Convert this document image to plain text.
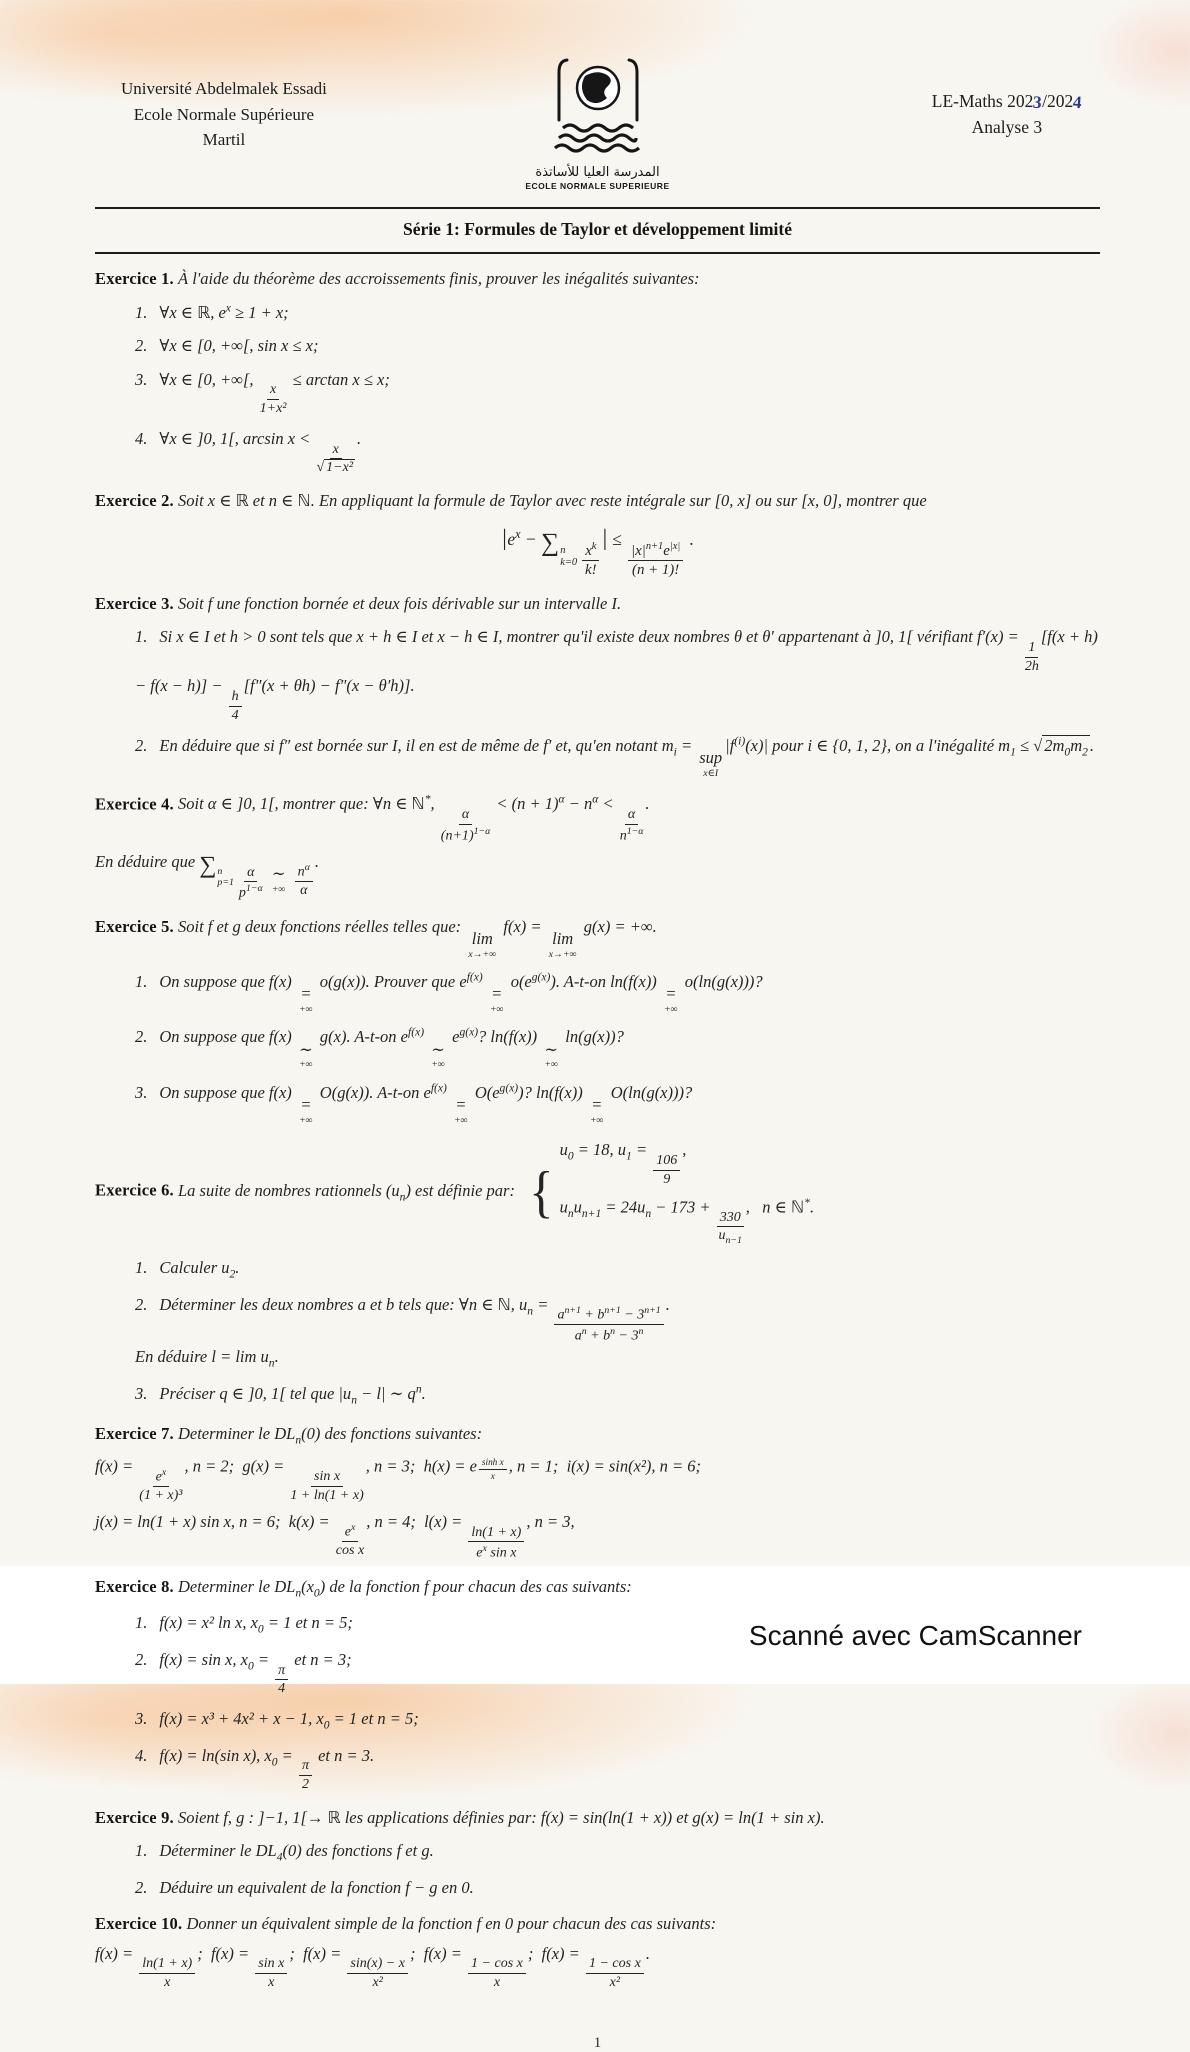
Université Abdelmalek Essadi
Ecole Normale Supérieure
Martil
المدرسة العليا للأساتذة
ECOLE NORMALE SUPERIEURE
LE-Maths 2023/2024
Analyse 3
Série 1: Formules de Taylor et développement limité
Exercice 1. À l'aide du théorème des accroissements finis, prouver les inégalités suivantes:
1. ∀x ∈ ℝ, $e^x \ge 1 + x$;
2. ∀x ∈ [0, +∞[, sin x ≤ x;
3. ∀x ∈ [0, +∞[,
$\frac{x}{\text{1+x²}}$
≤ arctan x ≤ x;
4. ∀x ∈ ]0, 1[, arcsin x <
$\frac{x}{\text{√ 1−x²}}$
.
Exercice 2. Soit x ∈ ℝ et n ∈ ℕ. En appliquant la formule de Taylor avec reste intégrale sur [0, x] ou sur [x, 0], montrer que
$|e^x$ − ∑ n
$k=0 \frac{x^k}{k!}$
| ≤
$\frac{|x|^{n+1}e^{|x|}}{(n + 1)!}$
.
Exercice 3. Soit f une fonction bornée et deux fois dérivable sur un intervalle I.
1. Si x ∈ I et h > 0 sont tels que x + h ∈ I et x − h ∈ I, montrer qu'il existe deux nombres θ et θ′ appartenant à ]0, 1[ vérifiant f′(x) =
$\frac{1}{2h}$
[f(x + h) − f(x − h)] −
$\frac{h}{4}$
[f″(x + θh) − f″(x − θ′h)].
2. En déduire que si f″ est bornée sur I, il en est de même de f′ et, qu'en notant $m_i$ =
sup
x∈I
$|f^{(i)}(x)|$ pour i ∈ {0, 1, 2}, on a l'inégalité $m_1$ ≤ √ $2m_0m_2$ .
Exercice 4. Soit α ∈ ]0, 1[, montrer que: ∀n ∈ ℕ*,
$\frac{\alpha}{(n+1)^{1-\alpha}}$
< $(n + 1)^\alpha - n^\alpha$ <
$\frac{\alpha}{n^{1-\alpha}}$
.
En déduire que ∑ n
$p=1 \frac{\alpha}{p^{1-\alpha}}$
∼
+∞
$\frac{n^\alpha}{\alpha}$
.
Exercice 5. Soit f et g deux fonctions réelles telles que:
lim
x→+∞
f(x) =
lim
x→+∞
g(x) = +∞.
1. On suppose que f(x)
=
+∞
o(g(x)). Prouver que $e^{f(x)}$
=
+∞
$o(e^{g(x)})$. A-t-on ln(f(x))
=
+∞
o(ln(g(x)))?
2. On suppose que f(x)
∼
+∞
g(x). A-t-on $e^{f(x)}$
∼
+∞
$e^{g(x)}$? ln(f(x))
∼
+∞
ln(g(x))?
3. On suppose que f(x)
=
+∞
O(g(x)). A-t-on $e^{f(x)}$
=
+∞
$O(e^{g(x)})$? ln(f(x))
=
+∞
O(ln(g(x)))?
Exercice 6. La suite de nombres rationnels $(u_n)$ est définie par: {
$u_0 = 18$, $u_1$ =
$\frac{106}{9}$
,
$u_nu_{n+1} = 24u_n - 173$ +
$\frac{330}{u_{n-1}}$
,   n ∈ ℕ*.
1. Calculer $u_2$.
2. Déterminer les deux nombres a et b tels que: ∀n ∈ ℕ, $u_n$ =
$\frac{a^{n+1} + b^{n+1} - 3^{n+1}}{a^n + b^n - 3^n}$
.
En déduire $l = \lim u_n$.
3. Préciser q ∈ ]0, 1[ tel que $|u_n - l|$ ∼ $q^n$.
Exercice 7. Determiner le $DL_n(0)$ des fonctions suivantes:
f(x) =
$\frac{e^x}{\text{(1 + x)³}}$
, n = 2;  g(x) =
$\frac{\text{sin x}}{1 + \ln(1 + x)}$
, n = 3;  h(x) = e $^{\frac{\text{sinh x}}{x}}$ , n = 1;  i(x) = sin(x²), n = 6;
j(x) = ln(1 + x) sin x, n = 6;  k(x) =
$\frac{e^x}{\text{cos x}}$
, n = 4;  l(x) =
$\frac{\ln(1 + x)}{e^x \sin x}$
, n = 3,
Exercice 8. Determiner le $DL_n(x_0)$ de la fonction f pour chacun des cas suivants:
1. f(x) = x² ln x, $x_0 = 1$ et n = 5;
2. f(x) = sin x, $x_0$ =
$\frac{\pi}{4}$
et n = 3;
3. f(x) = x³ + 4x² + x − 1, $x_0 = 1$ et n = 5;
4. f(x) = ln(sin x), $x_0$ =
$\frac{\pi}{2}$
et n = 3.
Exercice 9. Soient f, g : ]−1, 1[→ ℝ les applications définies par: f(x) = sin(ln(1 + x)) et g(x) = ln(1 + sin x).
1. Déterminer le $DL_4(0)$ des fonctions f et g.
2. Déduire un equivalent de la fonction f − g en 0.
Exercice 10. Donner un équivalent simple de la fonction f en 0 pour chacun des cas suivants:
f(x) =
$\frac{\ln(1 + x)}{x}$
;  f(x) =
$\frac{\text{sin x}}{x}$
;  f(x) =
$\frac{\sin(x) - x}{\text{x²}}$
;  f(x) =
$\frac{\text{1 − cos x}}{x}$
;  f(x) =
$\frac{\text{1 − cos x}}{\text{x²}}$
.
1
Scanné avec CamScanner
